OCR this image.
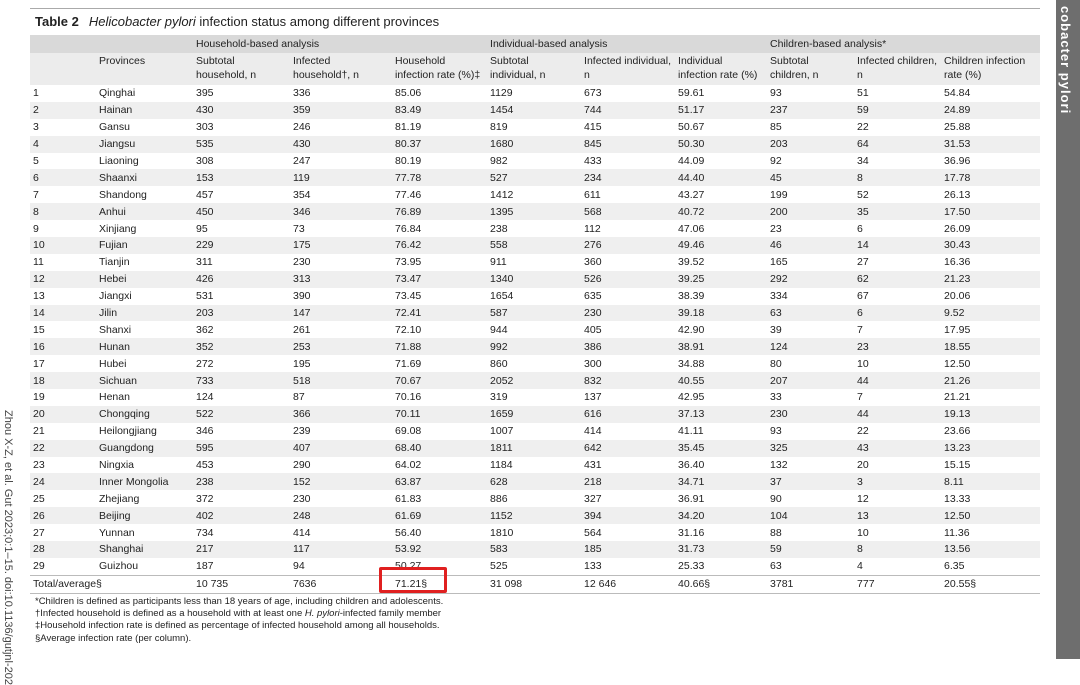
Zhou X-Z, et al. Gut 2023;0:1–15. doi:10.1136/gutjnl-202
cobacter pylori
Table 2 Helicobacter pylori infection status among different provinces
		Household-based analysis			Individual-based analysis			Children-based analysis*		
	Provinces	Subtotal household, n	Infected household†, n	Household infection rate (%)‡	Subtotal individual, n	Infected individual, n	Individual infection rate (%)	Subtotal children, n	Infected children, n	Children infection rate (%)
1	Qinghai	395	336	85.06	1129	673	59.61	93	51	54.84
2	Hainan	430	359	83.49	1454	744	51.17	237	59	24.89
3	Gansu	303	246	81.19	819	415	50.67	85	22	25.88
4	Jiangsu	535	430	80.37	1680	845	50.30	203	64	31.53
5	Liaoning	308	247	80.19	982	433	44.09	92	34	36.96
6	Shaanxi	153	119	77.78	527	234	44.40	45	8	17.78
7	Shandong	457	354	77.46	1412	611	43.27	199	52	26.13
8	Anhui	450	346	76.89	1395	568	40.72	200	35	17.50
9	Xinjiang	95	73	76.84	238	112	47.06	23	6	26.09
10	Fujian	229	175	76.42	558	276	49.46	46	14	30.43
11	Tianjin	311	230	73.95	911	360	39.52	165	27	16.36
12	Hebei	426	313	73.47	1340	526	39.25	292	62	21.23
13	Jiangxi	531	390	73.45	1654	635	38.39	334	67	20.06
14	Jilin	203	147	72.41	587	230	39.18	63	6	9.52
15	Shanxi	362	261	72.10	944	405	42.90	39	7	17.95
16	Hunan	352	253	71.88	992	386	38.91	124	23	18.55
17	Hubei	272	195	71.69	860	300	34.88	80	10	12.50
18	Sichuan	733	518	70.67	2052	832	40.55	207	44	21.26
19	Henan	124	87	70.16	319	137	42.95	33	7	21.21
20	Chongqing	522	366	70.11	1659	616	37.13	230	44	19.13
21	Heilongjiang	346	239	69.08	1007	414	41.11	93	22	23.66
22	Guangdong	595	407	68.40	1811	642	35.45	325	43	13.23
23	Ningxia	453	290	64.02	1184	431	36.40	132	20	15.15
24	Inner Mongolia	238	152	63.87	628	218	34.71	37	3	8.11
25	Zhejiang	372	230	61.83	886	327	36.91	90	12	13.33
26	Beijing	402	248	61.69	1152	394	34.20	104	13	12.50
27	Yunnan	734	414	56.40	1810	564	31.16	88	10	11.36
28	Shanghai	217	117	53.92	583	185	31.73	59	8	13.56
29	Guizhou	187	94	50.27	525	133	25.33	63	4	6.35
Total/average§		10 735	7636	71.21§	31 098	12 646	40.66§	3781	777	20.55§
*Children is defined as participants less than 18 years of age, including children and adolescents.
†Infected household is defined as a household with at least one H. pylori-infected family member
‡Household infection rate is defined as percentage of infected household among all households.
§Average infection rate (per column).
